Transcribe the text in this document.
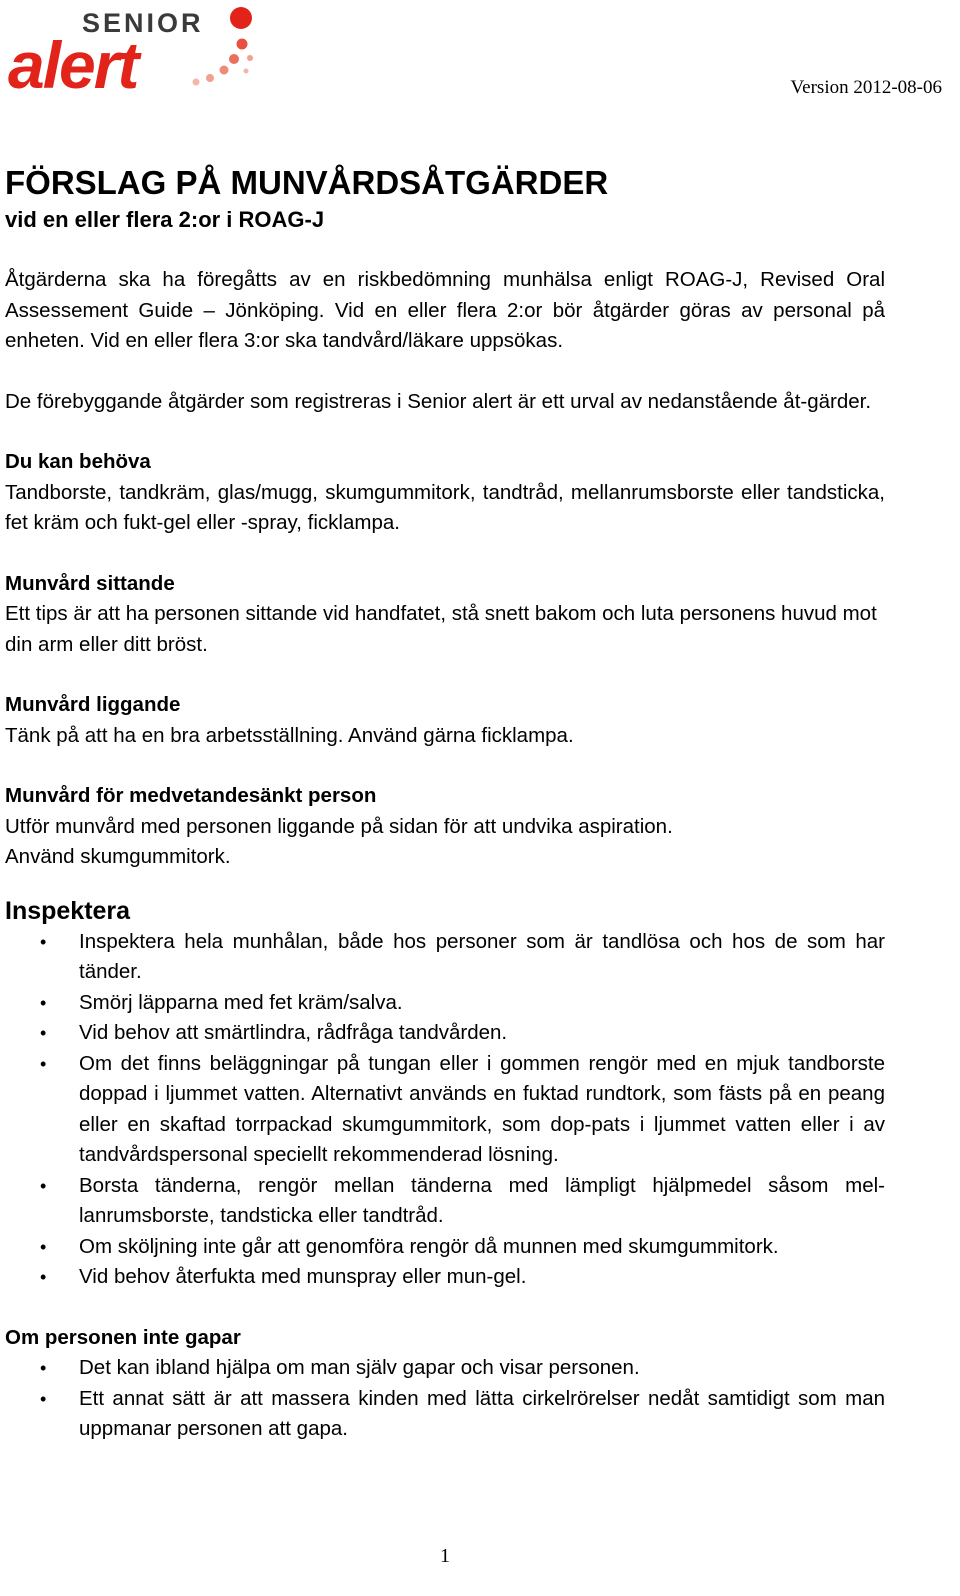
SENIOR
alert	Version 2012-08-06
FÖRSLAG PÅ MUNVÅRDSÅTGÄRDER
vid en eller flera 2:or i ROAG-J

Åtgärderna ska ha föregåtts av en riskbedömning munhälsa enligt ROAG-J, Revised Oral Assessement Guide – Jönköping. Vid en eller flera 2:or bör åtgärder göras av personal på enheten. Vid en eller flera 3:or ska tandvård/läkare uppsökas.

De förebyggande åtgärder som registreras i Senior alert är ett urval av nedanstående åt-gärder.

Du kan behöva

Tandborste, tandkräm, glas/mugg, skumgummitork, tandtråd, mellanrumsborste eller tandsticka, fet kräm och fukt-gel eller -spray, ficklampa.

Munvård sittande

Ett tips är att ha personen sittande vid handfatet, stå snett bakom och luta personens huvud mot din arm eller ditt bröst.

Munvård liggande

Tänk på att ha en bra arbetsställning. Använd gärna ficklampa.

Munvård för medvetandesänkt person

Utför munvård med personen liggande på sidan för att undvika aspiration.

Använd skumgummitork.

Inspektera
• Inspektera hela munhålan, både hos personer som är tandlösa och hos de som har tänder.
• Smörj läpparna med fet kräm/salva.
• Vid behov att smärtlindra, rådfråga tandvården.
• Om det finns beläggningar på tungan eller i gommen rengör med en mjuk tandborste doppad i ljummet vatten. Alternativt används en fuktad rundtork, som fästs på en peang eller en skaftad torrpackad skumgummitork, som dop-pats i ljummet vatten eller i av tandvårdspersonal speciellt rekommenderad lösning.
• Borsta tänderna, rengör mellan tänderna med lämpligt hjälpmedel såsom mel-lanrumsborste, tandsticka eller tandtråd.
• Om sköljning inte går att genomföra rengör då munnen med skumgummitork.
• Vid behov återfukta med munspray eller mun-gel.

Om personen inte gapar

• Det kan ibland hjälpa om man själv gapar och visar personen.
• Ett annat sätt är att massera kinden med lätta cirkelrörelser nedåt samtidigt som man uppmanar personen att gapa.
1
